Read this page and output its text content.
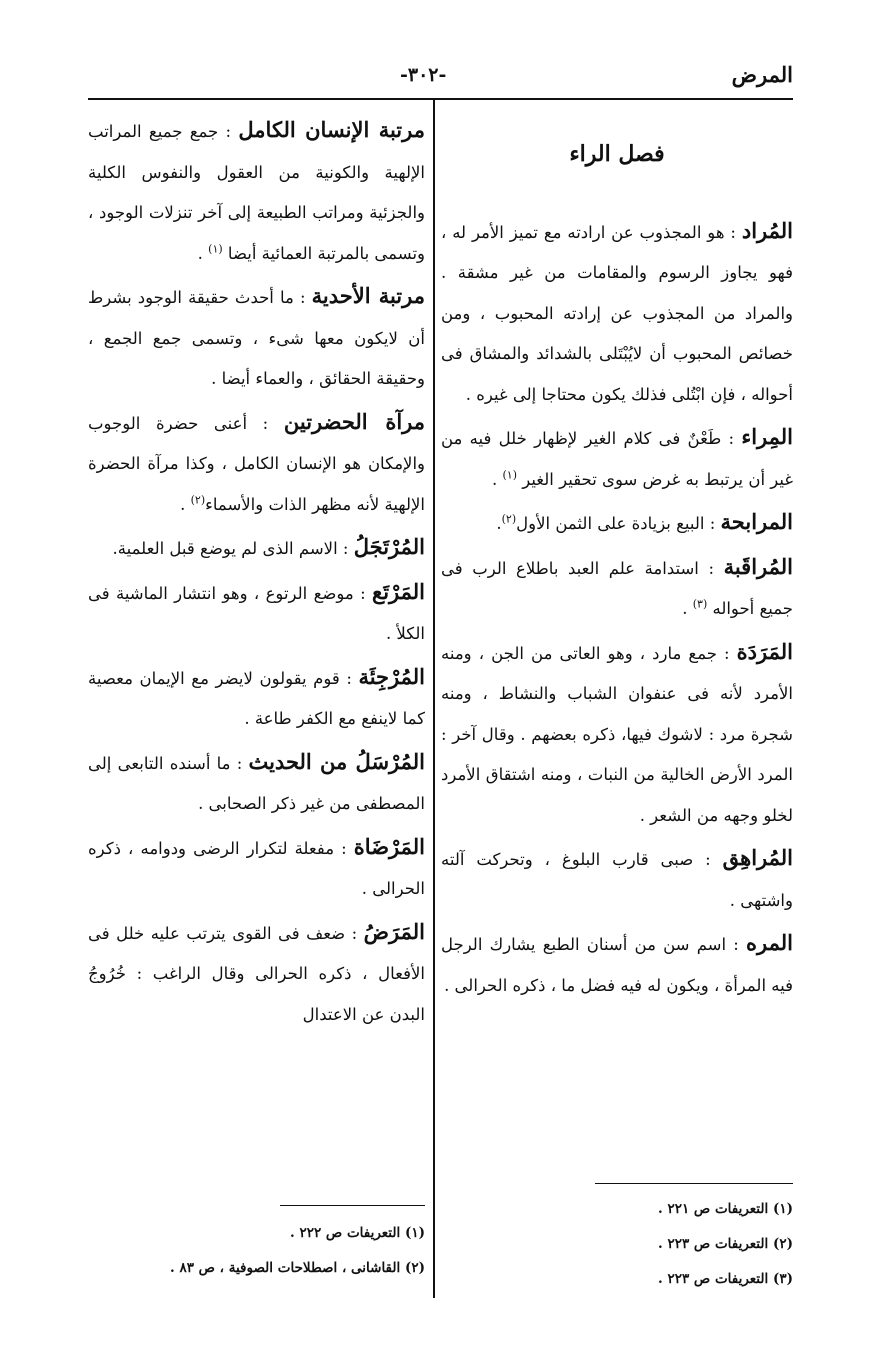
المرض
-٣٠٢-
فصل الراء

المُراد : هو المجذوب عن ارادته مع تميز الأمر له ، فهو يجاوز الرسوم والمقامات من غير مشقة . والمراد من المجذوب عن إرادته المحبوب ، ومن خصائص المحبوب أن لايُبْتَلى بالشدائد والمشاق فى أحواله ، فإن ابْتُلى فذلك يكون محتاجا إلى غيره .

المِراء : طَعْنٌ فى كلام الغير لإظهار خلل فيه من غير أن يرتبط به غرض سوى تحقير الغير $^{(١)}$ .

المرابحة : البيع بزيادة على الثمن الأول$^{(٢)}$.

المُراقَبة : استدامة علم العبد باطلاع الرب فى جميع أحواله $^{(٣)}$ .

المَرَدَة : جمع مارد ، وهو العاتى من الجن ، ومنه الأمرد لأنه فى عنفوان الشباب والنشاط ، ومنه شجرة مرد : لاشوك فيها، ذكره بعضهم . وقال آخر : المرد الأرض الخالية من النبات ، ومنه اشتقاق الأمرد لخلو وجهه من الشعر .

المُراهِق : صبى قارب البلوغ ، وتحركت آلته واشتهى .

المره : اسم سن من أسنان الطبع يشارك الرجل فيه المرأة ، ويكون له فيه فضل ما ، ذكره الحرالى .

مرتبة الإنسان الكامل : جمع جميع المراتب الإلهية والكونية من العقول والنفوس الكلية والجزئية ومراتب الطبيعة إلى آخر تنزلات الوجود ، وتسمى بالمرتبة العمائية أيضا $^{(١)}$ .

مرتبة الأحدية : ما أحدث حقيقة الوجود بشرط أن لايكون معها شىء ، وتسمى جمع الجمع ، وحقيقة الحقائق ، والعماء أيضا .

مرآة الحضرتين : أعنى حضرة الوجوب والإمكان هو الإنسان الكامل ، وكذا مرآة الحضرة الإلهية لأنه مظهر الذات والأسماء$^{(٢)}$ .

المُرْتَجَلُ : الاسم الذى لم يوضع قبل العلمية.

المَرْتَع : موضع الرتوع ، وهو انتشار الماشية فى الكلأ .

المُرْجِئَة : قوم يقولون لايضر مع الإيمان معصية كما لاينفع مع الكفر طاعة .

المُرْسَلُ من الحديث : ما أسنده التابعى إلى المصطفى من غير ذكر الصحابى .

المَرْضَاة : مفعلة لتكرار الرضى ودوامه ، ذكره الحرالى .

المَرَضُ : ضعف فى القوى يترتب عليه خلل فى الأفعال ، ذكره الحرالى وقال الراغب : خُرُوجُ البدن عن الاعتدال

(١) التعريفات ص ٢٢١ .
(٢) التعريفات ص ٢٢٣ .
(٣) التعريفات ص ٢٢٣ .
(١) التعريفات ص ٢٢٢ .
(٢) القاشانى ، اصطلاحات الصوفية ، ص ٨٣ .
